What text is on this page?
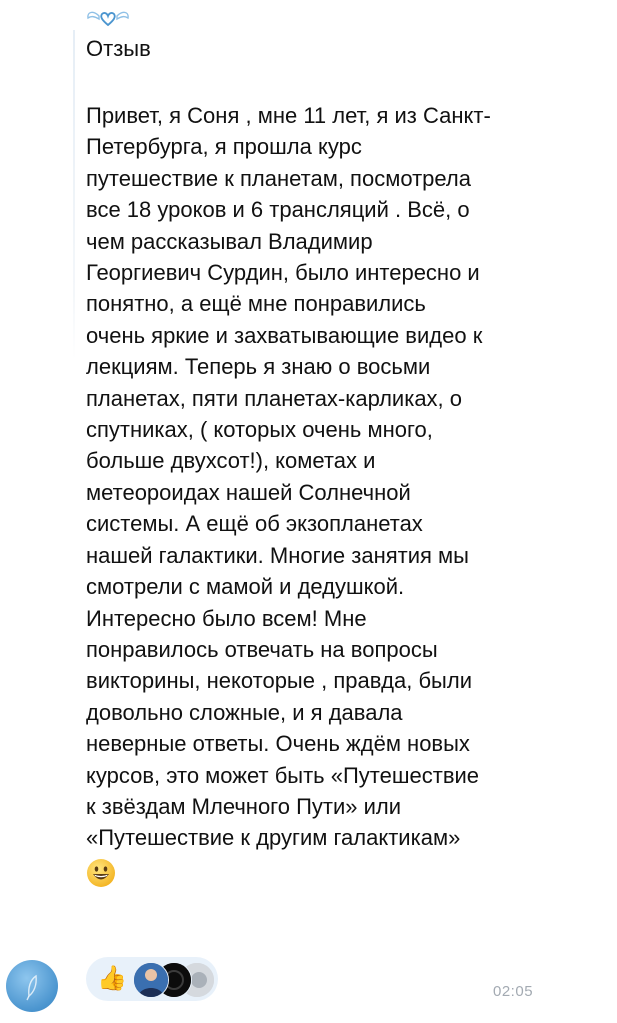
Отзыв
Привет, я Соня , мне 11 лет, я из Санкт-
Петербурга, я прошла курс
путешествие к планетам, посмотрела
все 18 уроков и 6 трансляций . Всё, о
чем рассказывал Владимир
Георгиевич Сурдин, было интересно и
понятно, а ещё мне понравились
очень яркие и захватывающие видео к
лекциям. Теперь я знаю о восьми
планетах, пяти планетах-карликах, о
спутниках, ( которых очень много,
больше двухсот!), кометах и
метеороидах нашей Солнечной
системы. А ещё об экзопланетах
нашей галактики. Многие занятия мы
смотрели с мамой и дедушкой.
Интересно было всем! Мне
понравилось отвечать на вопросы
викторины, некоторые , правда, были
довольно сложные, и я давала
неверные ответы. Очень ждём новых
курсов, это может быть «Путешествие
к звёздам Млечного Пути» или
«Путешествие к другим галактикам»
👍	02:05
